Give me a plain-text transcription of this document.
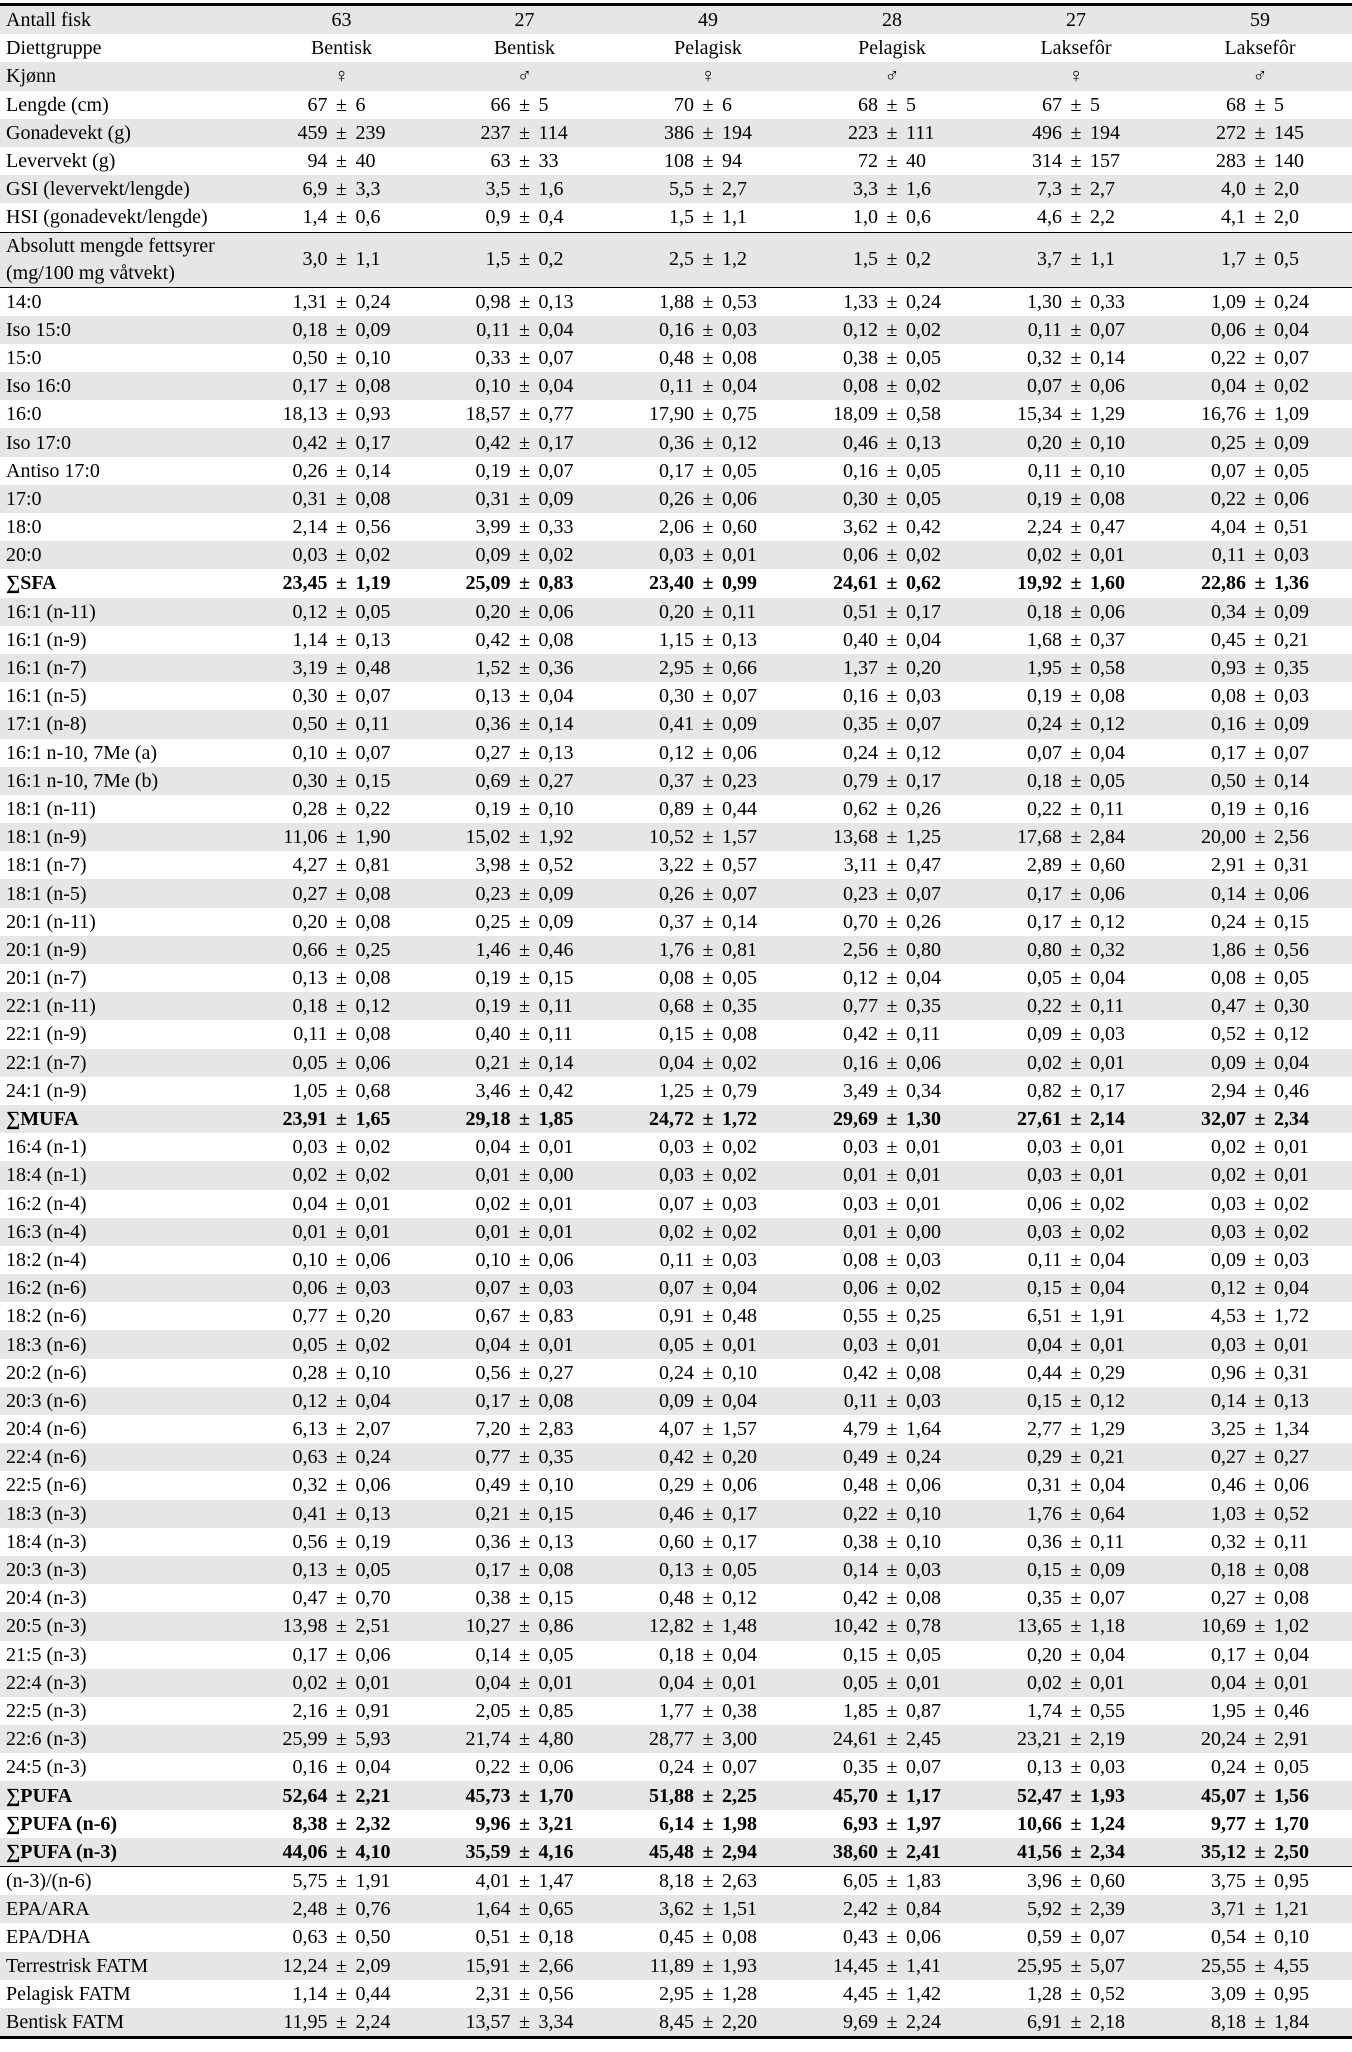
Antall fisk	63	27	49	28	27	59
Diettgruppe	Bentisk	Bentisk	Pelagisk	Pelagisk	Laksefôr	Laksefôr
Kjønn	♀	♂	♀	♂	♀	♂
Lengde (cm)	67 ± 6	66 ± 5	70 ± 6	68 ± 5	67 ± 5	68 ± 5
Gonadevekt (g)	459 ± 239	237 ± 114	386 ± 194	223 ± 111	496 ± 194	272 ± 145
Levervekt (g)	94 ± 40	63 ± 33	108 ± 94	72 ± 40	314 ± 157	283 ± 140
GSI (levervekt/lengde)	6,9 ± 3,3	3,5 ± 1,6	5,5 ± 2,7	3,3 ± 1,6	7,3 ± 2,7	4,0 ± 2,0
HSI (gonadevekt/lengde)	1,4 ± 0,6	0,9 ± 0,4	1,5 ± 1,1	1,0 ± 0,6	4,6 ± 2,2	4,1 ± 2,0
Absolutt mengde fettsyrer
(mg/100 mg våtvekt)	3,0 ± 1,1	1,5 ± 0,2	2,5 ± 1,2	1,5 ± 0,2	3,7 ± 1,1	1,7 ± 0,5
14:0	1,31 ± 0,24	0,98 ± 0,13	1,88 ± 0,53	1,33 ± 0,24	1,30 ± 0,33	1,09 ± 0,24
Iso 15:0	0,18 ± 0,09	0,11 ± 0,04	0,16 ± 0,03	0,12 ± 0,02	0,11 ± 0,07	0,06 ± 0,04
15:0	0,50 ± 0,10	0,33 ± 0,07	0,48 ± 0,08	0,38 ± 0,05	0,32 ± 0,14	0,22 ± 0,07
Iso 16:0	0,17 ± 0,08	0,10 ± 0,04	0,11 ± 0,04	0,08 ± 0,02	0,07 ± 0,06	0,04 ± 0,02
16:0	18,13 ± 0,93	18,57 ± 0,77	17,90 ± 0,75	18,09 ± 0,58	15,34 ± 1,29	16,76 ± 1,09
Iso 17:0	0,42 ± 0,17	0,42 ± 0,17	0,36 ± 0,12	0,46 ± 0,13	0,20 ± 0,10	0,25 ± 0,09
Antiso 17:0	0,26 ± 0,14	0,19 ± 0,07	0,17 ± 0,05	0,16 ± 0,05	0,11 ± 0,10	0,07 ± 0,05
17:0	0,31 ± 0,08	0,31 ± 0,09	0,26 ± 0,06	0,30 ± 0,05	0,19 ± 0,08	0,22 ± 0,06
18:0	2,14 ± 0,56	3,99 ± 0,33	2,06 ± 0,60	3,62 ± 0,42	2,24 ± 0,47	4,04 ± 0,51
20:0	0,03 ± 0,02	0,09 ± 0,02	0,03 ± 0,01	0,06 ± 0,02	0,02 ± 0,01	0,11 ± 0,03
∑SFA	23,45 ± 1,19	25,09 ± 0,83	23,40 ± 0,99	24,61 ± 0,62	19,92 ± 1,60	22,86 ± 1,36
16:1 (n-11)	0,12 ± 0,05	0,20 ± 0,06	0,20 ± 0,11	0,51 ± 0,17	0,18 ± 0,06	0,34 ± 0,09
16:1 (n-9)	1,14 ± 0,13	0,42 ± 0,08	1,15 ± 0,13	0,40 ± 0,04	1,68 ± 0,37	0,45 ± 0,21
16:1 (n-7)	3,19 ± 0,48	1,52 ± 0,36	2,95 ± 0,66	1,37 ± 0,20	1,95 ± 0,58	0,93 ± 0,35
16:1 (n-5)	0,30 ± 0,07	0,13 ± 0,04	0,30 ± 0,07	0,16 ± 0,03	0,19 ± 0,08	0,08 ± 0,03
17:1 (n-8)	0,50 ± 0,11	0,36 ± 0,14	0,41 ± 0,09	0,35 ± 0,07	0,24 ± 0,12	0,16 ± 0,09
16:1 n-10, 7Me (a)	0,10 ± 0,07	0,27 ± 0,13	0,12 ± 0,06	0,24 ± 0,12	0,07 ± 0,04	0,17 ± 0,07
16:1 n-10, 7Me (b)	0,30 ± 0,15	0,69 ± 0,27	0,37 ± 0,23	0,79 ± 0,17	0,18 ± 0,05	0,50 ± 0,14
18:1 (n-11)	0,28 ± 0,22	0,19 ± 0,10	0,89 ± 0,44	0,62 ± 0,26	0,22 ± 0,11	0,19 ± 0,16
18:1 (n-9)	11,06 ± 1,90	15,02 ± 1,92	10,52 ± 1,57	13,68 ± 1,25	17,68 ± 2,84	20,00 ± 2,56
18:1 (n-7)	4,27 ± 0,81	3,98 ± 0,52	3,22 ± 0,57	3,11 ± 0,47	2,89 ± 0,60	2,91 ± 0,31
18:1 (n-5)	0,27 ± 0,08	0,23 ± 0,09	0,26 ± 0,07	0,23 ± 0,07	0,17 ± 0,06	0,14 ± 0,06
20:1 (n-11)	0,20 ± 0,08	0,25 ± 0,09	0,37 ± 0,14	0,70 ± 0,26	0,17 ± 0,12	0,24 ± 0,15
20:1 (n-9)	0,66 ± 0,25	1,46 ± 0,46	1,76 ± 0,81	2,56 ± 0,80	0,80 ± 0,32	1,86 ± 0,56
20:1 (n-7)	0,13 ± 0,08	0,19 ± 0,15	0,08 ± 0,05	0,12 ± 0,04	0,05 ± 0,04	0,08 ± 0,05
22:1 (n-11)	0,18 ± 0,12	0,19 ± 0,11	0,68 ± 0,35	0,77 ± 0,35	0,22 ± 0,11	0,47 ± 0,30
22:1 (n-9)	0,11 ± 0,08	0,40 ± 0,11	0,15 ± 0,08	0,42 ± 0,11	0,09 ± 0,03	0,52 ± 0,12
22:1 (n-7)	0,05 ± 0,06	0,21 ± 0,14	0,04 ± 0,02	0,16 ± 0,06	0,02 ± 0,01	0,09 ± 0,04
24:1 (n-9)	1,05 ± 0,68	3,46 ± 0,42	1,25 ± 0,79	3,49 ± 0,34	0,82 ± 0,17	2,94 ± 0,46
∑MUFA	23,91 ± 1,65	29,18 ± 1,85	24,72 ± 1,72	29,69 ± 1,30	27,61 ± 2,14	32,07 ± 2,34
16:4 (n-1)	0,03 ± 0,02	0,04 ± 0,01	0,03 ± 0,02	0,03 ± 0,01	0,03 ± 0,01	0,02 ± 0,01
18:4 (n-1)	0,02 ± 0,02	0,01 ± 0,00	0,03 ± 0,02	0,01 ± 0,01	0,03 ± 0,01	0,02 ± 0,01
16:2 (n-4)	0,04 ± 0,01	0,02 ± 0,01	0,07 ± 0,03	0,03 ± 0,01	0,06 ± 0,02	0,03 ± 0,02
16:3 (n-4)	0,01 ± 0,01	0,01 ± 0,01	0,02 ± 0,02	0,01 ± 0,00	0,03 ± 0,02	0,03 ± 0,02
18:2 (n-4)	0,10 ± 0,06	0,10 ± 0,06	0,11 ± 0,03	0,08 ± 0,03	0,11 ± 0,04	0,09 ± 0,03
16:2 (n-6)	0,06 ± 0,03	0,07 ± 0,03	0,07 ± 0,04	0,06 ± 0,02	0,15 ± 0,04	0,12 ± 0,04
18:2 (n-6)	0,77 ± 0,20	0,67 ± 0,83	0,91 ± 0,48	0,55 ± 0,25	6,51 ± 1,91	4,53 ± 1,72
18:3 (n-6)	0,05 ± 0,02	0,04 ± 0,01	0,05 ± 0,01	0,03 ± 0,01	0,04 ± 0,01	0,03 ± 0,01
20:2 (n-6)	0,28 ± 0,10	0,56 ± 0,27	0,24 ± 0,10	0,42 ± 0,08	0,44 ± 0,29	0,96 ± 0,31
20:3 (n-6)	0,12 ± 0,04	0,17 ± 0,08	0,09 ± 0,04	0,11 ± 0,03	0,15 ± 0,12	0,14 ± 0,13
20:4 (n-6)	6,13 ± 2,07	7,20 ± 2,83	4,07 ± 1,57	4,79 ± 1,64	2,77 ± 1,29	3,25 ± 1,34
22:4 (n-6)	0,63 ± 0,24	0,77 ± 0,35	0,42 ± 0,20	0,49 ± 0,24	0,29 ± 0,21	0,27 ± 0,27
22:5 (n-6)	0,32 ± 0,06	0,49 ± 0,10	0,29 ± 0,06	0,48 ± 0,06	0,31 ± 0,04	0,46 ± 0,06
18:3 (n-3)	0,41 ± 0,13	0,21 ± 0,15	0,46 ± 0,17	0,22 ± 0,10	1,76 ± 0,64	1,03 ± 0,52
18:4 (n-3)	0,56 ± 0,19	0,36 ± 0,13	0,60 ± 0,17	0,38 ± 0,10	0,36 ± 0,11	0,32 ± 0,11
20:3 (n-3)	0,13 ± 0,05	0,17 ± 0,08	0,13 ± 0,05	0,14 ± 0,03	0,15 ± 0,09	0,18 ± 0,08
20:4 (n-3)	0,47 ± 0,70	0,38 ± 0,15	0,48 ± 0,12	0,42 ± 0,08	0,35 ± 0,07	0,27 ± 0,08
20:5 (n-3)	13,98 ± 2,51	10,27 ± 0,86	12,82 ± 1,48	10,42 ± 0,78	13,65 ± 1,18	10,69 ± 1,02
21:5 (n-3)	0,17 ± 0,06	0,14 ± 0,05	0,18 ± 0,04	0,15 ± 0,05	0,20 ± 0,04	0,17 ± 0,04
22:4 (n-3)	0,02 ± 0,01	0,04 ± 0,01	0,04 ± 0,01	0,05 ± 0,01	0,02 ± 0,01	0,04 ± 0,01
22:5 (n-3)	2,16 ± 0,91	2,05 ± 0,85	1,77 ± 0,38	1,85 ± 0,87	1,74 ± 0,55	1,95 ± 0,46
22:6 (n-3)	25,99 ± 5,93	21,74 ± 4,80	28,77 ± 3,00	24,61 ± 2,45	23,21 ± 2,19	20,24 ± 2,91
24:5 (n-3)	0,16 ± 0,04	0,22 ± 0,06	0,24 ± 0,07	0,35 ± 0,07	0,13 ± 0,03	0,24 ± 0,05
∑PUFA	52,64 ± 2,21	45,73 ± 1,70	51,88 ± 2,25	45,70 ± 1,17	52,47 ± 1,93	45,07 ± 1,56
∑PUFA (n-6)	8,38 ± 2,32	9,96 ± 3,21	6,14 ± 1,98	6,93 ± 1,97	10,66 ± 1,24	9,77 ± 1,70
∑PUFA (n-3)	44,06 ± 4,10	35,59 ± 4,16	45,48 ± 2,94	38,60 ± 2,41	41,56 ± 2,34	35,12 ± 2,50
(n-3)/(n-6)	5,75 ± 1,91	4,01 ± 1,47	8,18 ± 2,63	6,05 ± 1,83	3,96 ± 0,60	3,75 ± 0,95
EPA/ARA	2,48 ± 0,76	1,64 ± 0,65	3,62 ± 1,51	2,42 ± 0,84	5,92 ± 2,39	3,71 ± 1,21
EPA/DHA	0,63 ± 0,50	0,51 ± 0,18	0,45 ± 0,08	0,43 ± 0,06	0,59 ± 0,07	0,54 ± 0,10
Terrestrisk FATM	12,24 ± 2,09	15,91 ± 2,66	11,89 ± 1,93	14,45 ± 1,41	25,95 ± 5,07	25,55 ± 4,55
Pelagisk FATM	1,14 ± 0,44	2,31 ± 0,56	2,95 ± 1,28	4,45 ± 1,42	1,28 ± 0,52	3,09 ± 0,95
Bentisk FATM	11,95 ± 2,24	13,57 ± 3,34	8,45 ± 2,20	9,69 ± 2,24	6,91 ± 2,18	8,18 ± 1,84
